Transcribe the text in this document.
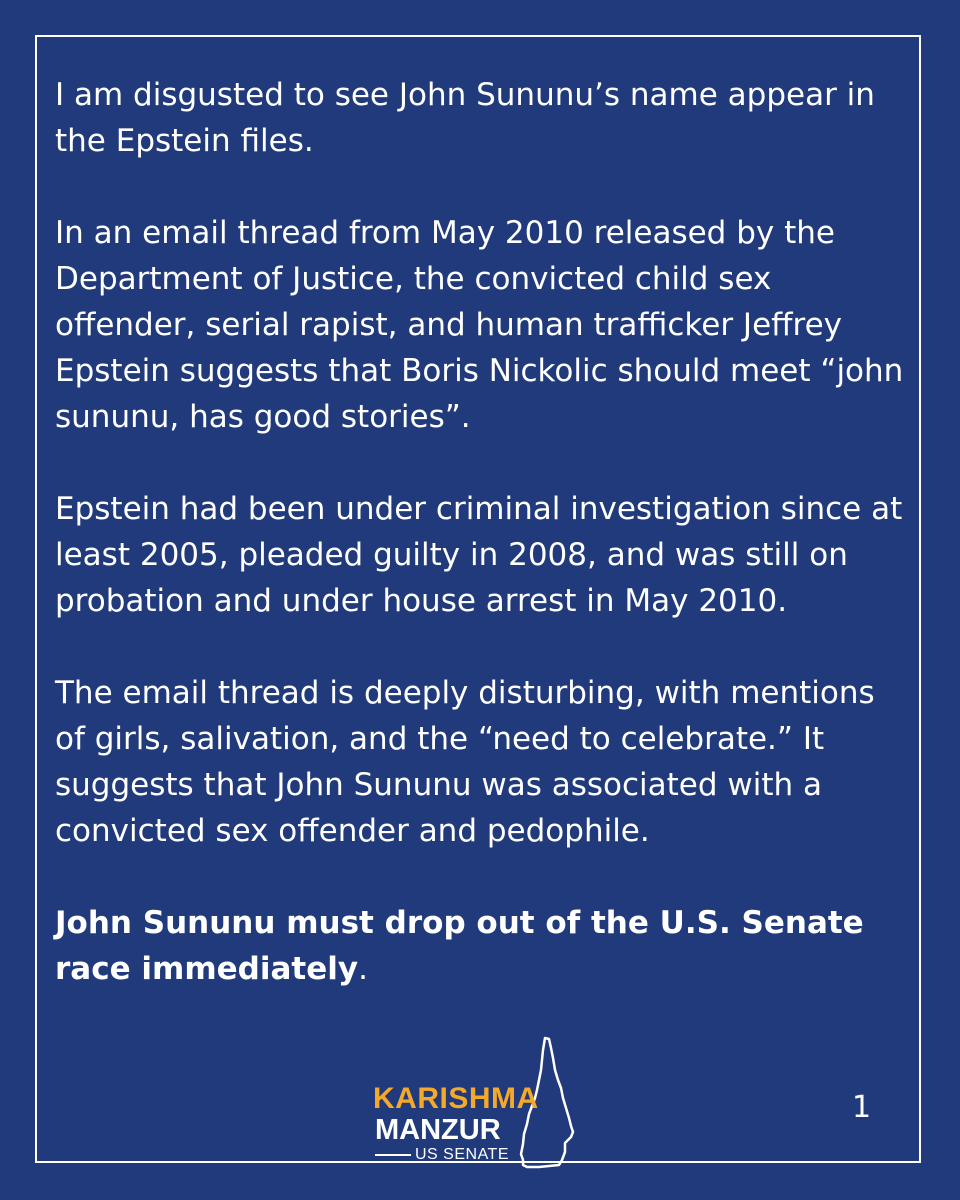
I am disgusted to see John Sununu’s name appear in the Epstein files.

In an email thread from May 2010 released by the Department of Justice, the convicted child sex offender, serial rapist, and human trafficker Jeffrey Epstein suggests that Boris Nickolic should meet “john sununu, has good stories”.

Epstein had been under criminal investigation since at least 2005, pleaded guilty in 2008, and was still on probation and under house arrest in May 2010.

The email thread is deeply disturbing, with mentions of girls, salivation, and the “need to celebrate.” It suggests that John Sununu was associated with a convicted sex offender and pedophile.

John Sununu must drop out of the U.S. Senate race immediately.

KARISHMA
MANZUR
US SENATE
1
